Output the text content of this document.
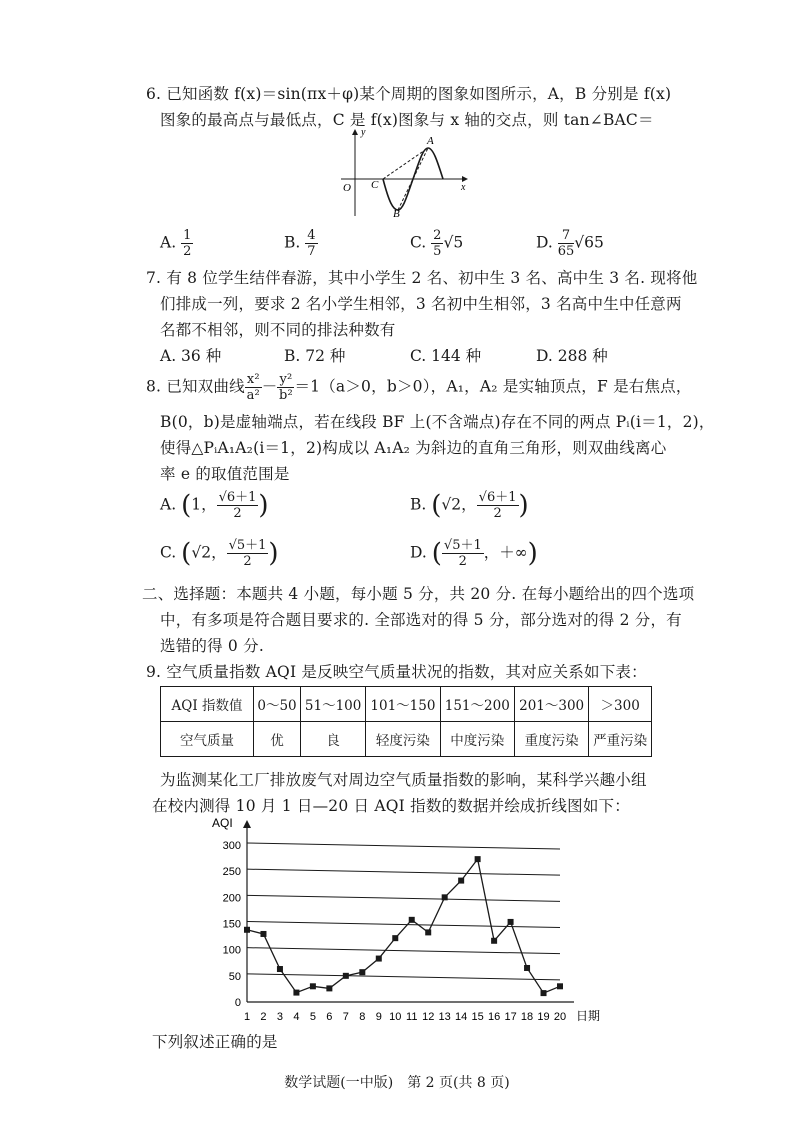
6. 已知函数 f(x)＝sin(πx＋φ)某个周期的图象如图所示，A，B 分别是 f(x)
图象的最高点与最低点，C 是 f(x)图象与 x 轴的交点，则 tan∠BAC＝
y
x
O
A
B
C
A. $\frac{1}{2}$	B. $\frac{4}{7}$	C. $\frac{2}{5} √5$	D. $\frac{7}{65} √65$
7. 有 8 位学生结伴春游，其中小学生 2 名、初中生 3 名、高中生 3 名. 现将他
们排成一列，要求 2 名小学生相邻，3 名初中生相邻，3 名高中生中任意两
名都不相邻，则不同的排法种数有
A. 36 种	B. 72 种	C. 144 种	D. 288 种
8. 已知双曲线 $\frac{\text{x²}}{\text{a²}} - \frac{\text{y²}}{\text{b²}} =1(a>0$，b＞0），A₁，A₂ 是实轴顶点，F 是右焦点，
B(0，b)是虚轴端点，若在线段 BF 上(不含端点)存在不同的两点 Pᵢ(i＝1，2)，
使得△PᵢA₁A₂(i＝1，2)构成以 A₁A₂ 为斜边的直角三角形，则双曲线离心
率 e 的取值范围是
A. (1， $\frac{√6+1}{2}$ )	B. (√2， $\frac{√6+1}{2}$ )
C. (√2， $\frac{√5+1}{2}$ )	D. ( $\frac{√5+1}{2}$ ，＋∞)
二、选择题：本题共 4 小题，每小题 5 分，共 20 分. 在每小题给出的四个选项
中，有多项是符合题目要求的. 全部选对的得 5 分，部分选对的得 2 分，有
选错的得 0 分.
9. 空气质量指数 AQI 是反映空气质量状况的指数，其对应关系如下表：
AQI 指数值	0～50	51～100	101～150	151～200	201～300	＞300
空气质量	优	良	轻度污染	中度污染	重度污染	严重污染
为监测某化工厂排放废气对周边空气质量指数的影响，某科学兴趣小组
在校内测得 10 月 1 日—20 日 AQI 指数的数据并绘成折线图如下：
0
50
100
150
200
250
300
1 2 3 4 5 6 7 8 9 10 11 12 13 14 15 16 17 18 19 20
AQI
日期
下列叙述正确的是
数学试题(一中版)　第 2 页(共 8 页)
